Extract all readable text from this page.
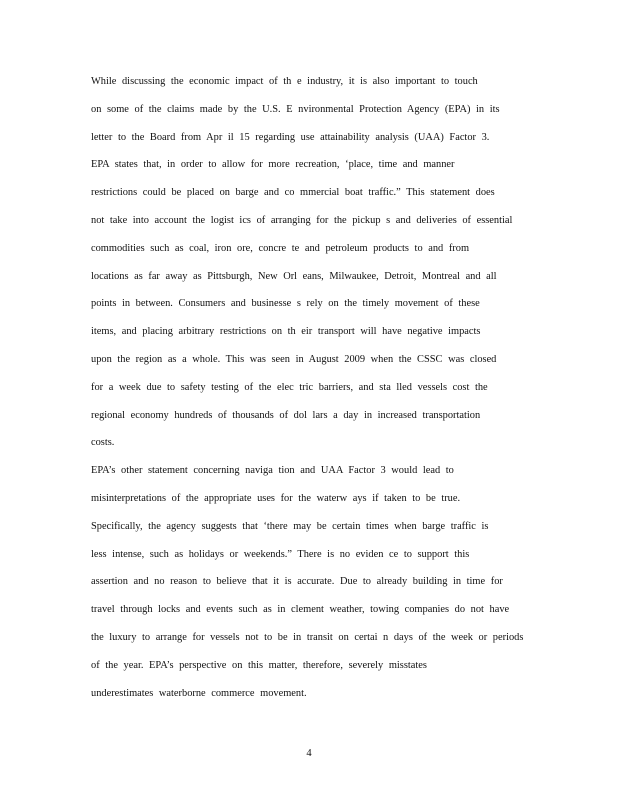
While discussing the economic impact of th e industry, it is also important to touch
on some of the claims made by the U.S. E nvironmental Protection Agency (EPA) in its
letter to the Board from Apr il 15 regarding use attainability analysis (UAA) Factor 3.
EPA states that, in order to allow for more recreation, ‘place, time and manner
restrictions could be placed on barge and co mmercial boat traffic.” This statement does
not take into account the logist ics of arranging for the pickup s and deliveries of essential
commodities such as coal, iron ore, concre te and petroleum products to and from
locations as far away as Pittsburgh, New Orl eans, Milwaukee, Detroit, Montreal and all
points in between. Consumers and businesse s rely on the timely movement of these
items, and placing arbitrary restrictions on th eir transport will have negative impacts
upon the region as a whole. This was seen in August 2009 when the CSSC was closed
for a week due to safety testing of the elec tric barriers, and sta lled vessels cost the
regional economy hundreds of thousands of dol lars a day in increased transportation
costs.
EPA’s other statement concerning naviga tion and UAA Factor 3 would lead to
misinterpretations of the appropriate uses for the waterw ays if taken to be true.
Specifically, the agency suggests that ‘there may be certain times when barge traffic is
less intense, such as holidays or weekends.” There is no eviden ce to support this
assertion and no reason to believe that it is accurate. Due to already building in time for
travel through locks and events such as in clement weather, towing companies do not have
the luxury to arrange for vessels not to be in transit on certai n days of the week or periods
of the year. EPA’s perspective on this matter, therefore, severely misstates
underestimates waterborne commerce movement.
4
